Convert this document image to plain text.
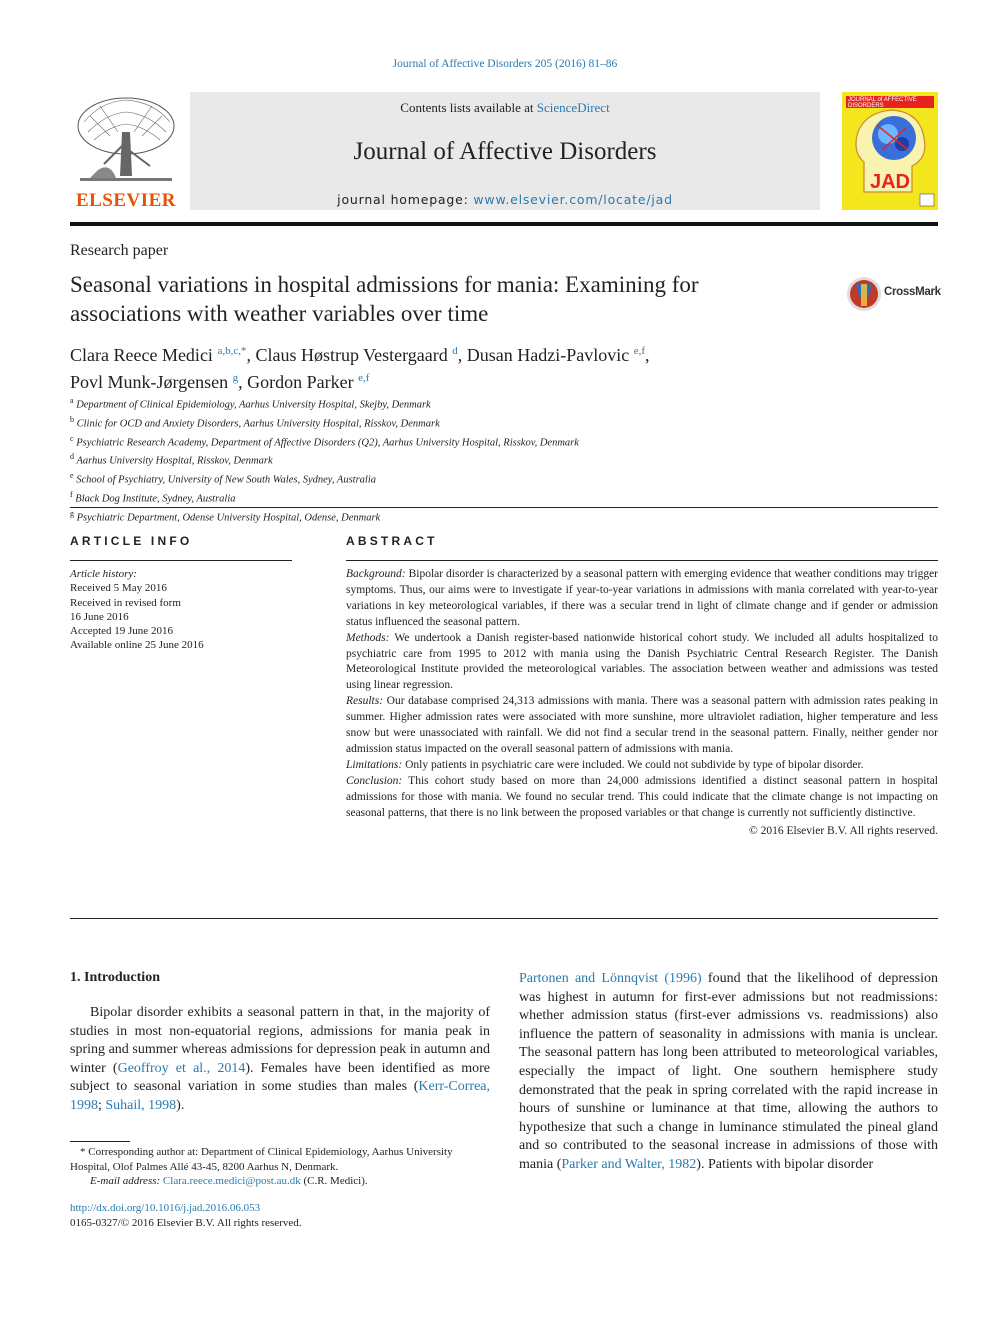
Journal of Affective Disorders 205 (2016) 81–86
ELSEVIER
Contents lists available at ScienceDirect
Journal of Affective Disorders
journal homepage: www.elsevier.com/locate/jad
JAD
JOURNAL of AFFECTIVE DISORDERS
Research paper
Seasonal variations in hospital admissions for mania: Examining for associations with weather variables over time
CrossMark
Clara Reece Medici $^{a,b,c,*}$, Claus Høstrup Vestergaard $^d$, Dusan Hadzi-Pavlovic $^{e,f}$,
Povl Munk-Jørgensen $^g$, Gordon Parker $^{e,f}$
$^a$ Department of Clinical Epidemiology, Aarhus University Hospital, Skejby, Denmark
$^b$ Clinic for OCD and Anxiety Disorders, Aarhus University Hospital, Risskov, Denmark
$^c$ Psychiatric Research Academy, Department of Affective Disorders (Q2), Aarhus University Hospital, Risskov, Denmark
$^d$ Aarhus University Hospital, Risskov, Denmark
$^e$ School of Psychiatry, University of New South Wales, Sydney, Australia
$^f$ Black Dog Institute, Sydney, Australia
$^g$ Psychiatric Department, Odense University Hospital, Odense, Denmark
ARTICLE INFO
Article history:
Received 5 May 2016
Received in revised form
16 June 2016
Accepted 19 June 2016
Available online 25 June 2016
ABSTRACT

Background: Bipolar disorder is characterized by a seasonal pattern with emerging evidence that weather conditions may trigger symptoms. Thus, our aims were to investigate if year-to-year variations in admissions with mania correlated with year-to-year variations in key meteorological variables, if there was a secular trend in light of climate change and if gender or admission status influenced the seasonal pattern.

Methods: We undertook a Danish register-based nationwide historical cohort study. We included all adults hospitalized to psychiatric care from 1995 to 2012 with mania using the Danish Psychiatric Central Research Register. The Danish Meteorological Institute provided the meteorological variables. The association between weather and admissions was tested using linear regression.

Results: Our database comprised 24,313 admissions with mania. There was a seasonal pattern with admission rates peaking in summer. Higher admission rates were associated with more sunshine, more ultraviolet radiation, higher temperature and less snow but were unassociated with rainfall. We did not find a secular trend in the seasonal pattern. Finally, neither gender nor admission status impacted on the overall seasonal pattern of admissions with mania.

Limitations: Only patients in psychiatric care were included. We could not subdivide by type of bipolar disorder.

Conclusion: This cohort study based on more than 24,000 admissions identified a distinct seasonal pattern in hospital admissions for those with mania. We found no secular trend. This could indicate that the climate change is not impacting on seasonal patterns, that there is no link between the proposed variables or that change is currently not sufficiently distinctive.

© 2016 Elsevier B.V. All rights reserved.
1. Introduction
Bipolar disorder exhibits a seasonal pattern in that, in the majority of studies in most non-equatorial regions, admissions for mania peak in spring and summer whereas admissions for depression peak in autumn and winter (Geoffroy et al., 2014). Females have been identified as more subject to seasonal variation in some studies than males (Kerr-Correa, 1998; Suhail, 1998).
Partonen and Lönnqvist (1996) found that the likelihood of depression was highest in autumn for first-ever admissions but not readmissions: whether admission status (first-ever admissions vs. readmissions) also influence the pattern of seasonality in admissions with mania is unclear. The seasonal pattern has long been attributed to meteorological variables, especially the impact of light. One southern hemisphere study demonstrated that the peak in spring correlated with the rapid increase in hours of sunshine or luminance at that time, allowing the authors to hypothesize that such a change in luminance stimulated the pineal gland and so contributed to the seasonal increase in admissions of those with mania (Parker and Walter, 1982). Patients with bipolar disorder

* Corresponding author at: Department of Clinical Epidemiology, Aarhus University Hospital, Olof Palmes Allé 43-45, 8200 Aarhus N, Denmark.

E-mail address: Clara.reece.medici@post.au.dk (C.R. Medici).

http://dx.doi.org/10.1016/j.jad.2016.06.053
0165-0327/© 2016 Elsevier B.V. All rights reserved.
